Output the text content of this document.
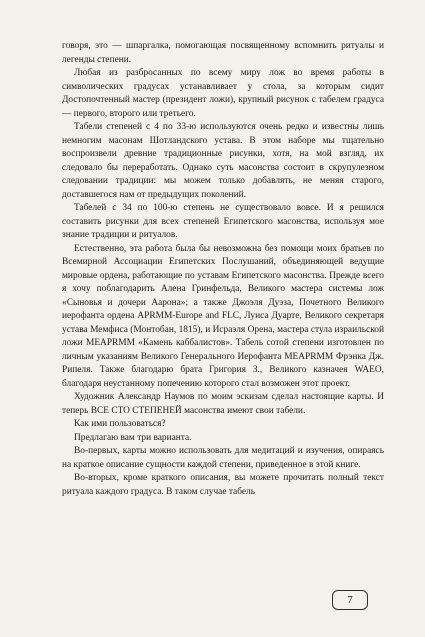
говоря, это — шпаргалка, помогающая посвященному вспомнить ритуалы и легенды степени.

Любая из разбросанных по всему миру лож во время работы в символических градусах устанавливает у стола, за которым сидит Достопочтенный мастер (президент ложи), крупный рисунок с табелем градуса — первого, второго или третьего.

Табели степеней с 4 по 33-ю используются очень редко и известны лишь немногим масонам Шотландского устава. В этом наборе мы тщательно воспроизвели древние традиционные рисунки, хотя, на мой взгляд, их следовало бы переработать. Однако суть масонства состоит в скрупулезном следовании традиции: мы можем только добавлять, не меняя старого, доставшегося нам от предыдущих поколений.

Табелей с 34 по 100-ю степень не существовало вовсе. И я решился составить рисунки для всех степеней Египетского масонства, используя мое знание традиции и ритуалов.

Естественно, эта работа была бы невозможна без помощи моих братьев по Всемирной Ассоциации Египетских Послушаний, объединяющей ведущие мировые ордена, работающие по уставам Египетского масонства. Прежде всего я хочу поблагодарить Алена Гринфельда, Великого мастера системы лож «Сыновья и дочери Аарона»; а также Джоэля Дуэза, Почетного Великого иерофанта ордена APRMM-Europe and FLC, Луиса Дуарте, Великого секретаря устава Мемфиса (Монтобан, 1815), и Исраэля Орена, мастера стула израильской ложи MEAPRMM «Камень каббалистов». Табель сотой степени изготовлен по личным указаниям Великого Генерального Иерофанта MEAPRMM Фрэнка Дж. Рипеля. Также благодарю брата Григория З., Великого казначея WAEO, благодаря неустанному попечению которого стал возможен этот проект.

Художник Александр Наумов по моим эскизам сделал настоящие карты. И теперь ВСЕ СТО СТЕПЕНЕЙ масонства имеют свои табели.

Как ими пользоваться?

Предлагаю вам три варианта.

Во-первых, карты можно использовать для медитаций и изучения, опираясь на краткое описание сущности каждой степени, приведенное в этой книге.

Во-вторых, кроме краткого описания, вы можете прочитать полный текст ритуала каждого градуса. В таком случае табель

7
